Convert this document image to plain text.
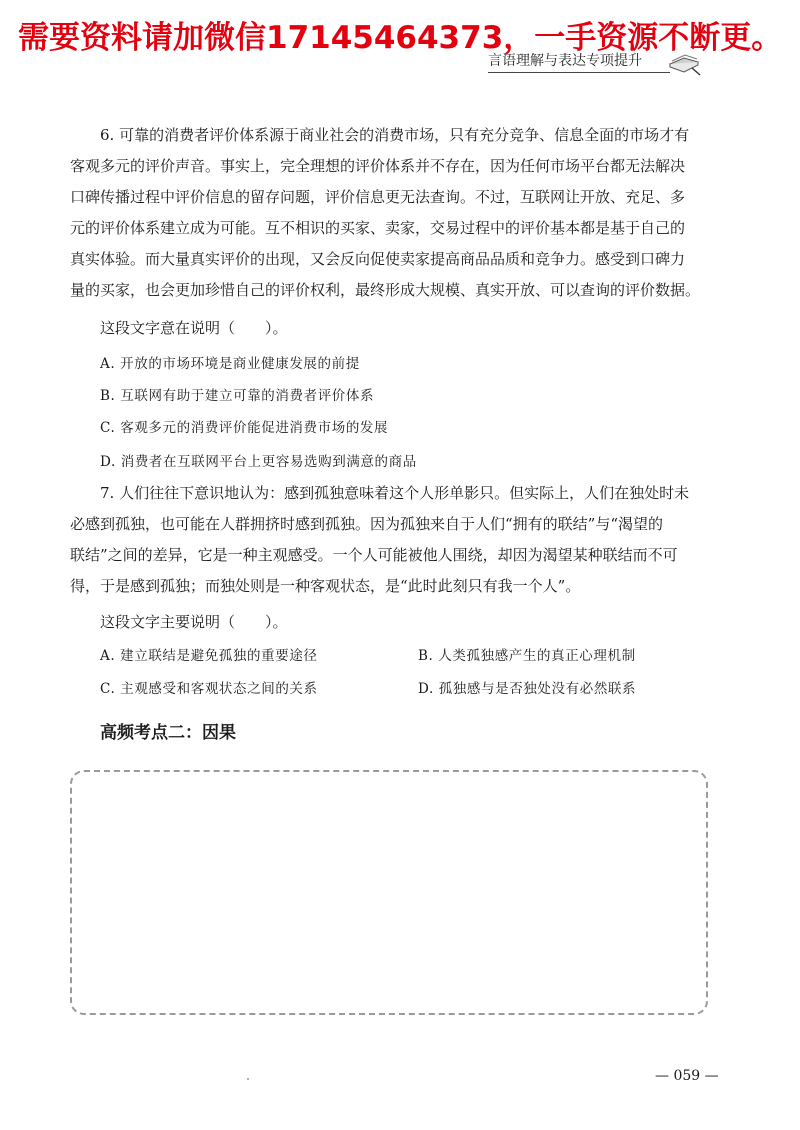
需要资料请加微信17145464373，一手资源不断更。
言语理解与表达专项提升
6. 可靠的消费者评价体系源于商业社会的消费市场，只有充分竞争、信息全面的市场才有
客观多元的评价声音。事实上，完全理想的评价体系并不存在，因为任何市场平台都无法解决
口碑传播过程中评价信息的留存问题，评价信息更无法查询。不过，互联网让开放、充足、多
元的评价体系建立成为可能。互不相识的买家、卖家，交易过程中的评价基本都是基于自己的
真实体验。而大量真实评价的出现，又会反向促使卖家提高商品品质和竞争力。感受到口碑力
量的买家，也会更加珍惜自己的评价权利，最终形成大规模、真实开放、可以查询的评价数据。
这段文字意在说明（　　）。
A. 开放的市场环境是商业健康发展的前提
B. 互联网有助于建立可靠的消费者评价体系
C. 客观多元的消费评价能促进消费市场的发展
D. 消费者在互联网平台上更容易选购到满意的商品
7. 人们往往下意识地认为：感到孤独意味着这个人形单影只。但实际上，人们在独处时未
必感到孤独，也可能在人群拥挤时感到孤独。因为孤独来自于人们“拥有的联结”与“渴望的
联结”之间的差异，它是一种主观感受。一个人可能被他人围绕，却因为渴望某种联结而不可
得，于是感到孤独；而独处则是一种客观状态，是“此时此刻只有我一个人”。
这段文字主要说明（　　）。
A. 建立联结是避免孤独的重要途径	B. 人类孤独感产生的真正心理机制
C. 主观感受和客观状态之间的关系	D. 孤独感与是否独处没有必然联系
高频考点二：因果
— 059 —
